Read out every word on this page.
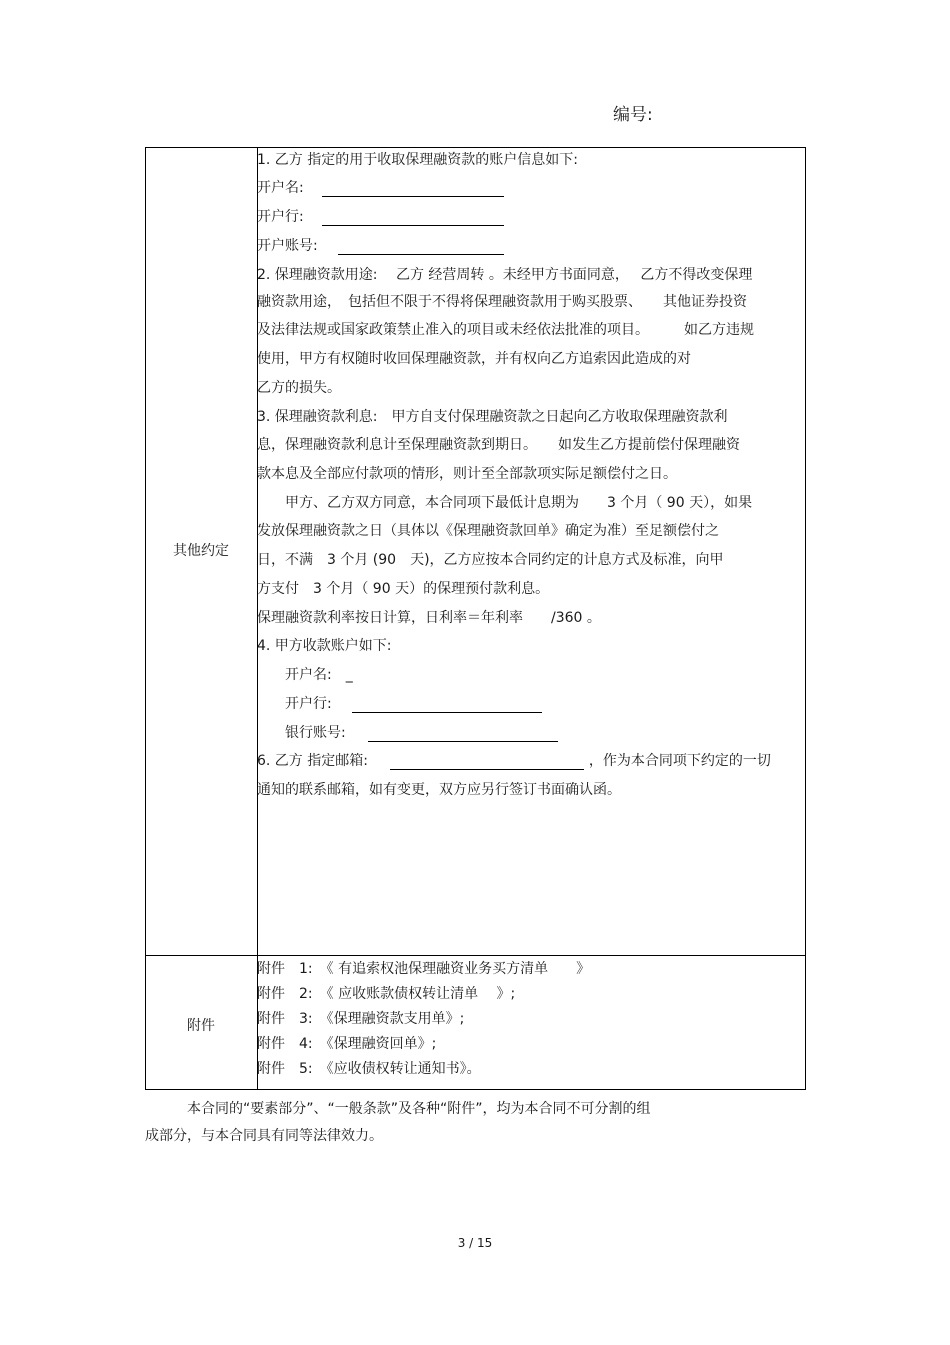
编号:
其他约定
附件
1. 乙方 指定的用于收取保理融资款的账户信息如下:
开户名:
开户行:
开户账号:
2. 保理融资款用途:　 乙方 经营周转 。未经甲方书面同意，　 乙方不得改变保理
融资款用途，　包括但不限于不得将保理融资款用于购买股票、　　其他证券投资
及法律法规或国家政策禁止准入的项目或未经依法批准的项目。　　　如乙方违规
使用，甲方有权随时收回保理融资款，并有权向乙方追索因此造成的对
乙方的损失。
3. 保理融资款利息:　甲方自支付保理融资款之日起向乙方收取保理融资款利
息，保理融资款利息计至保理融资款到期日。　　如发生乙方提前偿付保理融资
款本息及全部应付款项的情形，则计至全部款项实际足额偿付之日。
　　甲方、乙方双方同意，本合同项下最低计息期为　　3 个月（ 90 天），如果
发放保理融资款之日（具体以《保理融资款回单》确定为准）至足额偿付之
日，不满　3 个月 (90　天)，乙方应按本合同约定的计息方式及标准，向甲
方支付　3 个月（ 90 天）的保理预付款利息。
保理融资款利率按日计算，日利率＝年利率　　/360 。
4. 甲方收款账户如下:
　　开户名:　_
　　开户行:
　　银行账号:
6. 乙方 指定邮箱:	，作为本合同项下约定的一切
通知的联系邮箱，如有变更，双方应另行签订书面确认函。
附件　1:　《 有追索权池保理融资业务买方清单　　》
附件　2:　《 应收账款债权转让清单　 》;
附件　3:　《保理融资款支用单》;
附件　4:　《保理融资回单》;
附件　5:　《应收债权转让通知书》。
　　　本合同的“要素部分”、“一般条款”及各种“附件”，均为本合同不可分割的组
成部分，与本合同具有同等法律效力。
3 / 15
